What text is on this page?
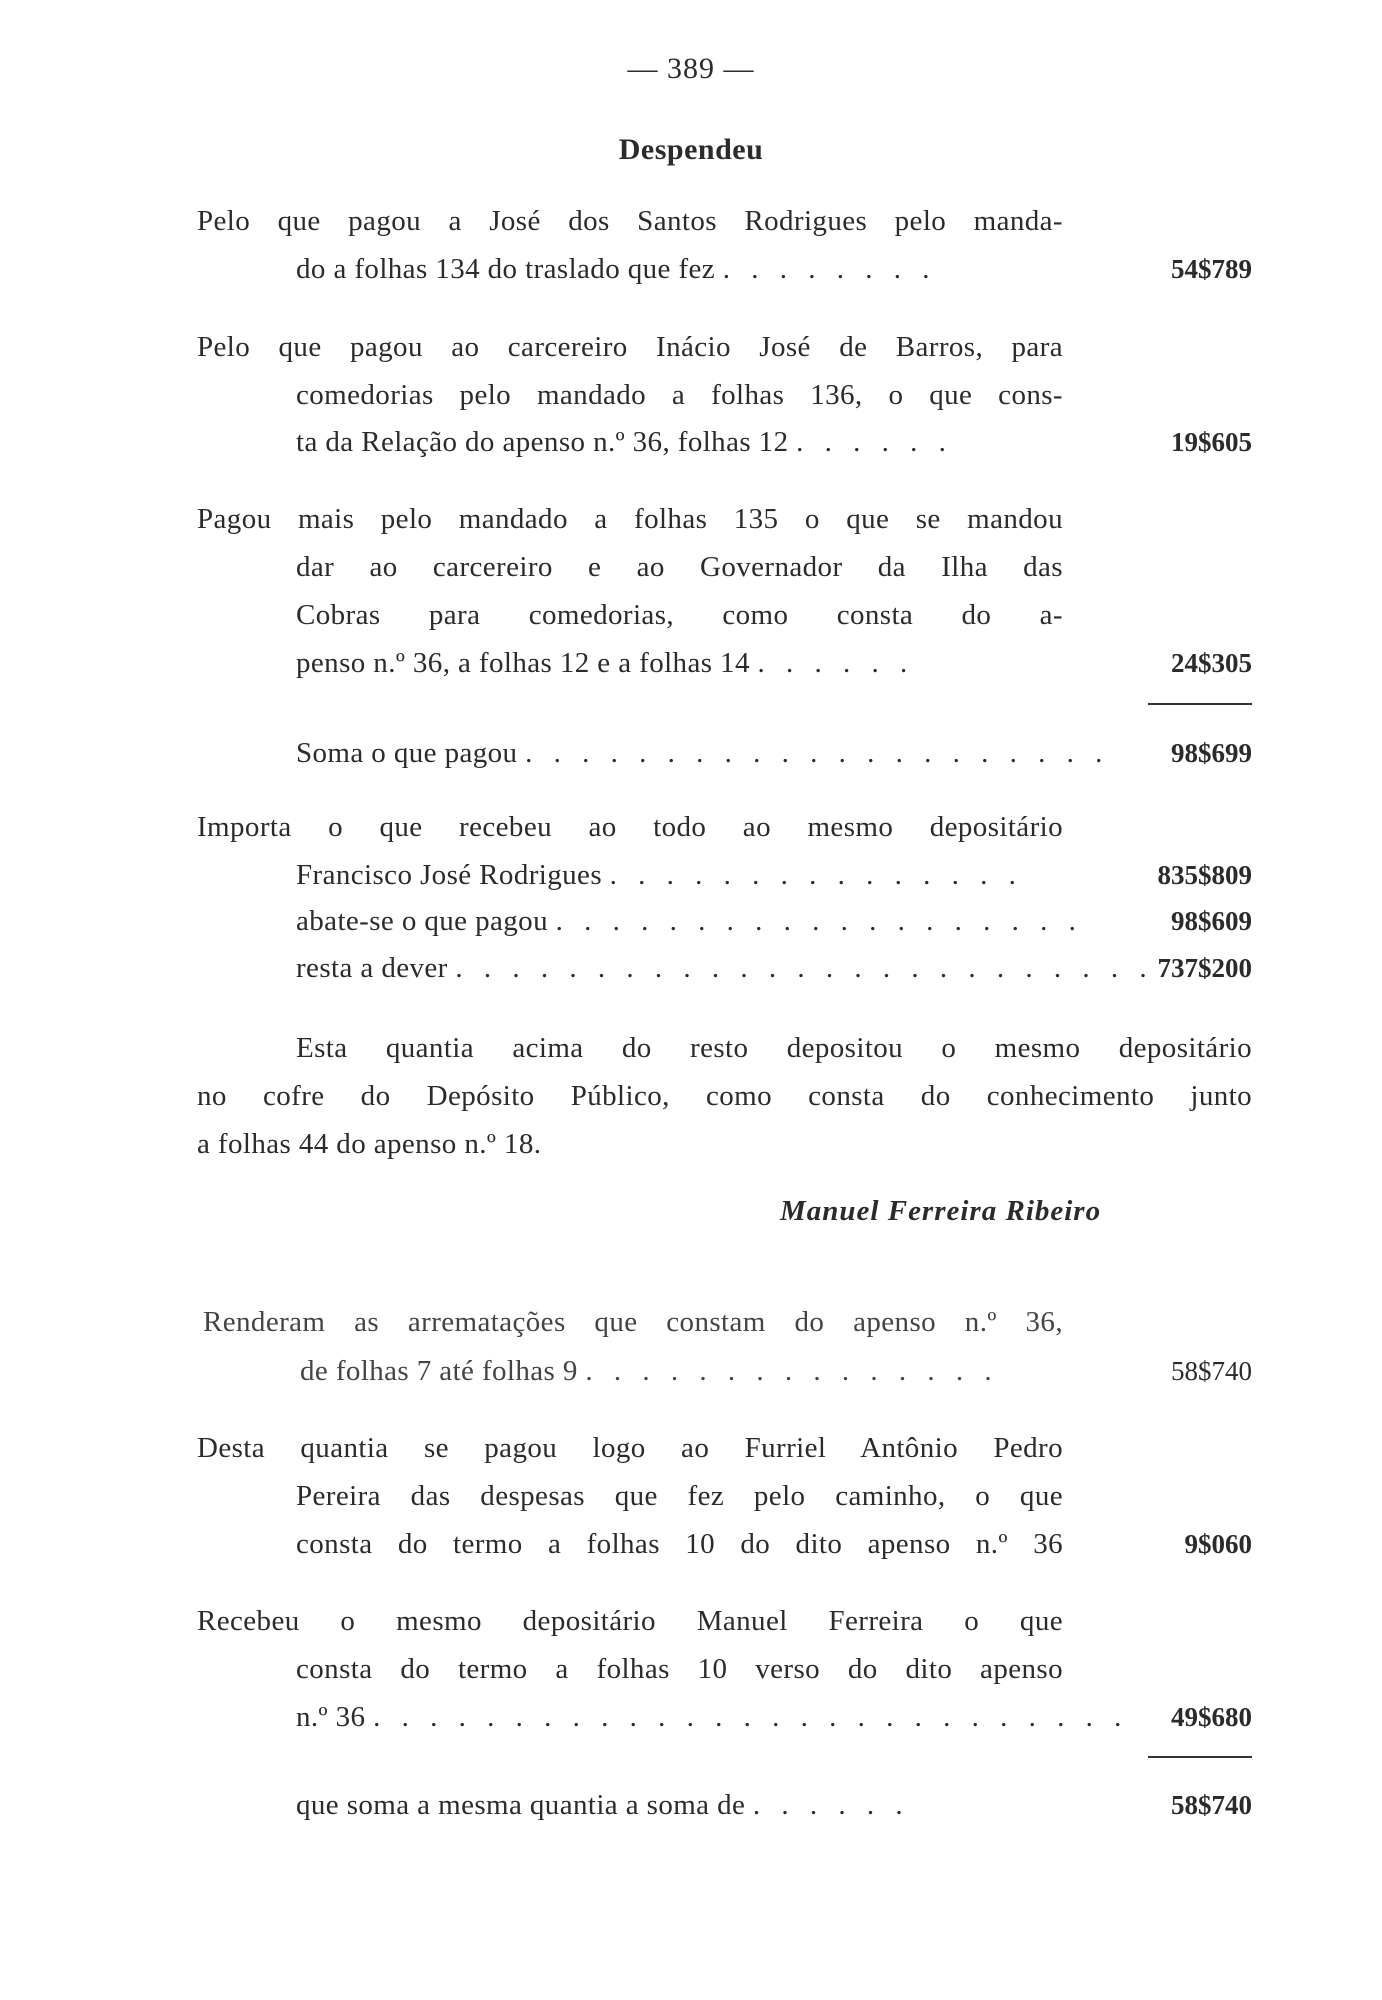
— 389 —
Despendeu
Pelo que pagou a José dos Santos Rodrigues pelo manda-
do a folhas 134 do traslado que fez . . . . . . . .	54$789
Pelo que pagou ao carcereiro Inácio José de Barros, para
comedorias pelo mandado a folhas 136, o que cons-
ta da Relação do apenso n.º 36, folhas 12 . . . . . .	19$605
Pagou mais pelo mandado a folhas 135 o que se mandou
dar ao carcereiro e ao Governador da Ilha das
Cobras para comedorias, como consta do a-
penso n.º 36, a folhas 12 e a folhas 14 . . . . . .	24$305
Soma o que pagou . . . . . . . . . . . . . . . . . . . . . 98$699
Importa o que recebeu ao todo ao mesmo depositário
Francisco José Rodrigues . . . . . . . . . . . . . . .	835$809
abate-se o que pagou . . . . . . . . . . . . . . . . . . .	98$609
resta a dever . . . . . . . . . . . . . . . . . . . . . . . . . 737$200
Esta quantia acima do resto depositou o mesmo depositário
no cofre do Depósito Público, como consta do conhecimento junto
a folhas 44 do apenso n.º 18.
Manuel Ferreira Ribeiro
Renderam as arrematações que constam do apenso n.º 36,
de folhas 7 até folhas 9 . . . . . . . . . . . . . . .	58$740
Desta quantia se pagou logo ao Furriel Antônio Pedro
Pereira das despesas que fez pelo caminho, o que
consta do termo a folhas 10 do dito apenso n.º 36	9$060
Recebeu o mesmo depositário Manuel Ferreira o que
consta do termo a folhas 10 verso do dito apenso
n.º 36 . . . . . . . . . . . . . . . . . . . . . . . . . . . 49$680
que soma a mesma quantia a soma de . . . . . .	58$740
